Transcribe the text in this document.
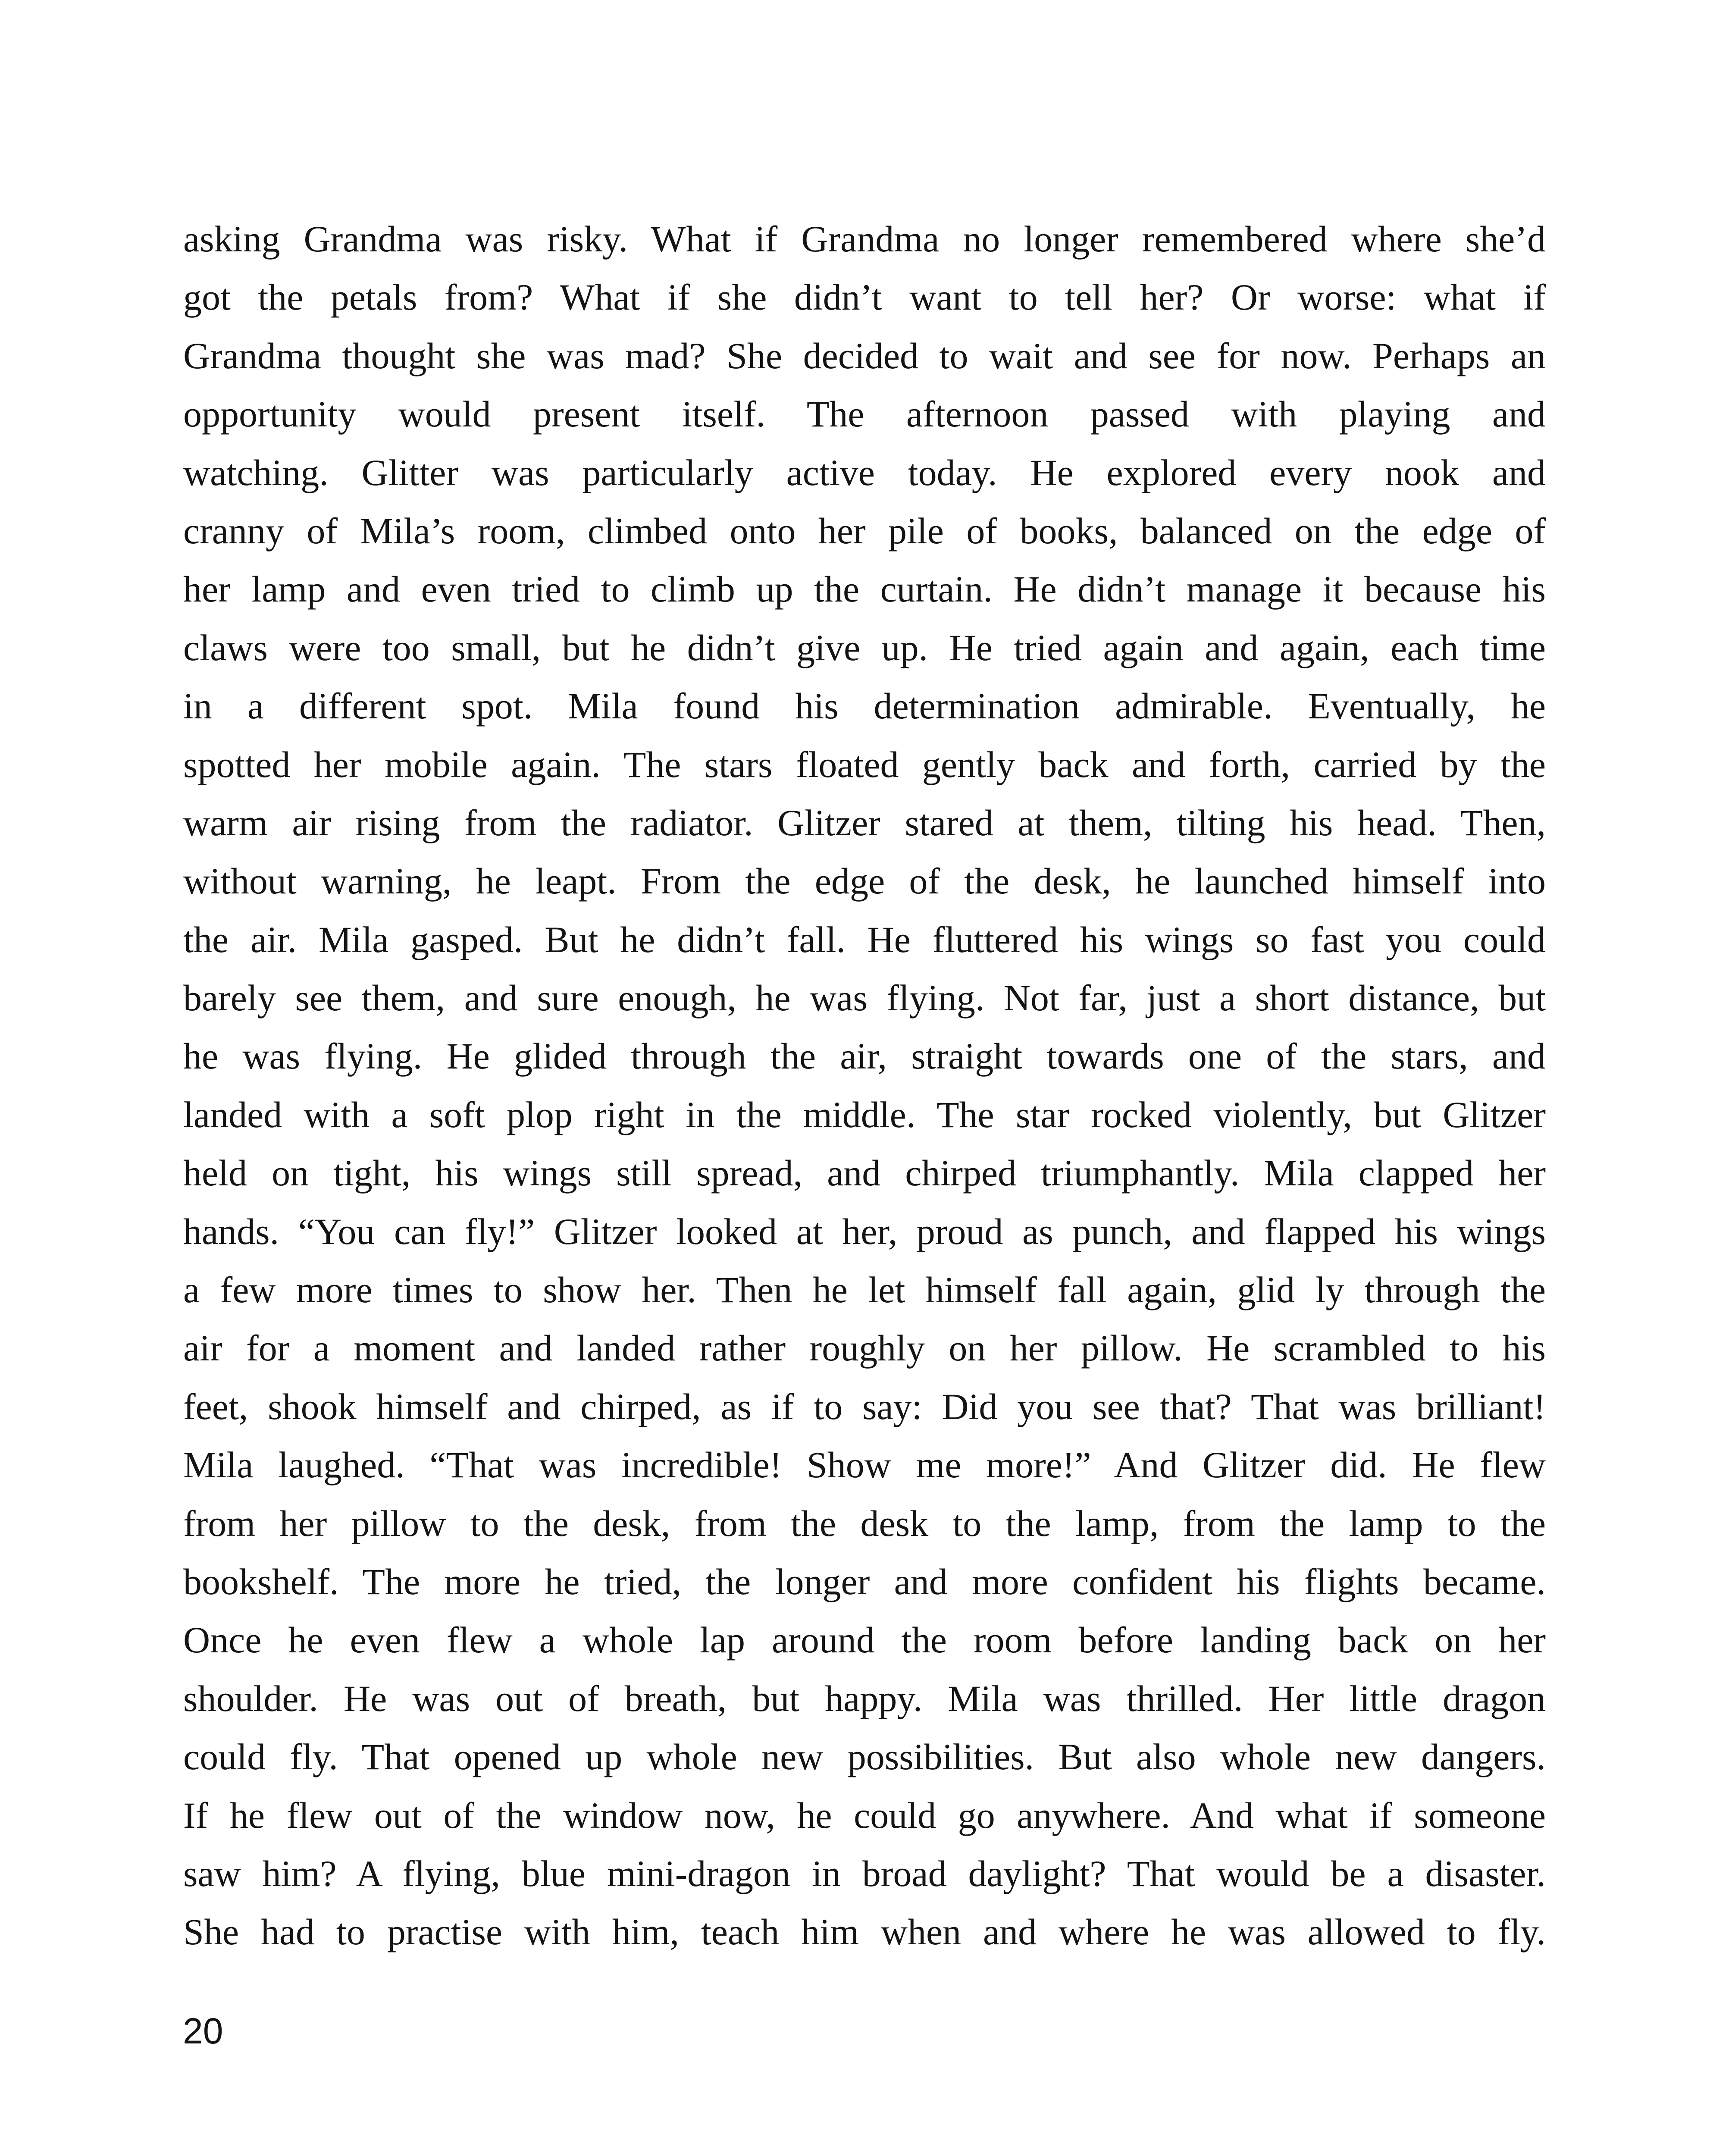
asking Grandma was risky. What if Grandma no longer remembered where she’d
got the petals from? What if she didn’t want to tell her? Or worse: what if
Grandma thought she was mad? She decided to wait and see for now. Perhaps an
opportunity would present itself. The afternoon passed with playing and
watching. Glitter was particularly active today. He explored every nook and
cranny of Mila’s room, climbed onto her pile of books, balanced on the edge of
her lamp and even tried to climb up the curtain. He didn’t manage it because his
claws were too small, but he didn’t give up. He tried again and again, each time
in a different spot. Mila found his determination admirable. Eventually, he
spotted her mobile again. The stars floated gently back and forth, carried by the
warm air rising from the radiator. Glitzer stared at them, tilting his head. Then,
without warning, he leapt. From the edge of the desk, he launched himself into
the air. Mila gasped. But he didn’t fall. He fluttered his wings so fast you could
barely see them, and sure enough, he was flying. Not far, just a short distance, but
he was flying. He glided through the air, straight towards one of the stars, and
landed with a soft plop right in the middle. The star rocked violently, but Glitzer
held on tight, his wings still spread, and chirped triumphantly. Mila clapped her
hands. “You can fly!” Glitzer looked at her, proud as punch, and flapped his wings
a few more times to show her. Then he let himself fall again, glid ly through the
air for a moment and landed rather roughly on her pillow. He scrambled to his
feet, shook himself and chirped, as if to say: Did you see that? That was brilliant!
Mila laughed. “That was incredible! Show me more!” And Glitzer did. He flew
from her pillow to the desk, from the desk to the lamp, from the lamp to the
bookshelf. The more he tried, the longer and more confident his flights became.
Once he even flew a whole lap around the room before landing back on her
shoulder. He was out of breath, but happy. Mila was thrilled. Her little dragon
could fly. That opened up whole new possibilities. But also whole new dangers.
If he flew out of the window now, he could go anywhere. And what if someone
saw him? A flying, blue mini-dragon in broad daylight? That would be a disaster.
She had to practise with him, teach him when and where he was allowed to fly.
20
